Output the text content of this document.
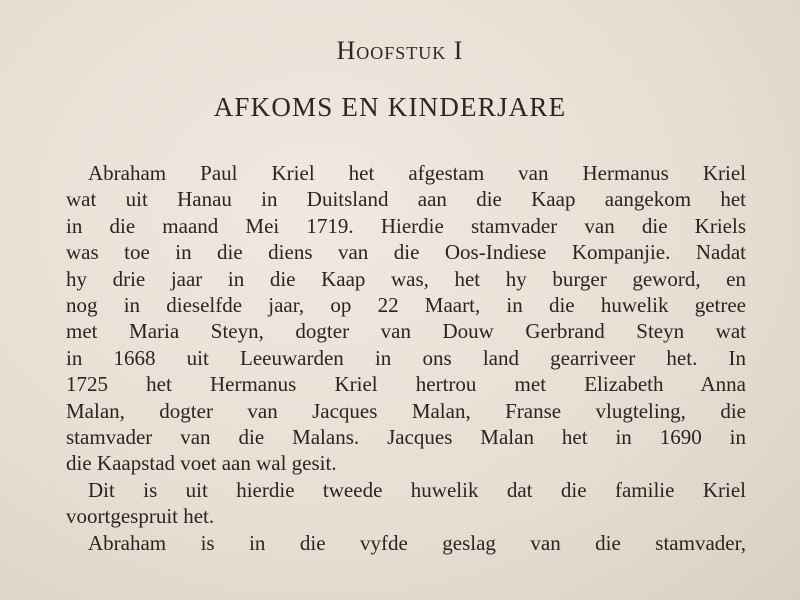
Hoofstuk I
AFKOMS EN KINDERJARE
Abraham Paul Kriel het afgestam van Hermanus Kriel
wat uit Hanau in Duitsland aan die Kaap aangekom het
in die maand Mei 1719. Hierdie stamvader van die Kriels
was toe in die diens van die Oos-Indiese Kompanjie. Nadat
hy drie jaar in die Kaap was, het hy burger geword, en
nog in dieselfde jaar, op 22 Maart, in die huwelik getree
met Maria Steyn, dogter van Douw Gerbrand Steyn wat
in 1668 uit Leeuwarden in ons land gearriveer het. In
1725 het Hermanus Kriel hertrou met Elizabeth Anna
Malan, dogter van Jacques Malan, Franse vlugteling, die
stamvader van die Malans. Jacques Malan het in 1690 in
die Kaapstad voet aan wal gesit.
Dit is uit hierdie tweede huwelik dat die familie Kriel
voortgespruit het.
Abraham is in die vyfde geslag van die stamvader,
